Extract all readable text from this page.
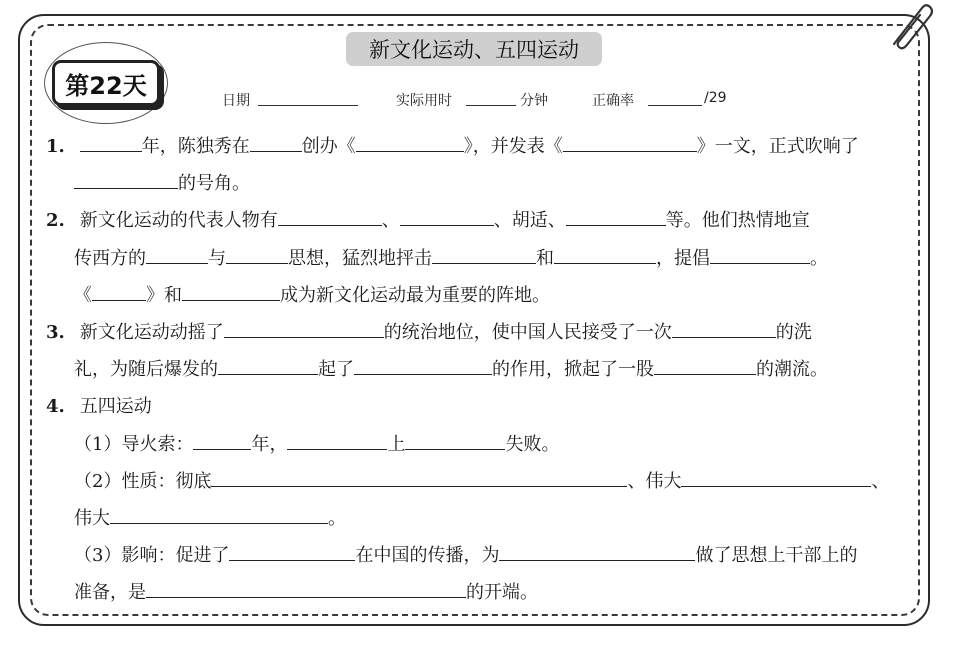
第22天
新文化运动、五四运动
日期	实际用时	分钟	正确率	/29
1.	年，陈独秀在	创办《	》，并发表《	》一文，正式吹响了
的号角。
2. 新文化运动的代表人物有	、	、胡适、	等。他们热情地宣
传西方的	与	思想，猛烈地抨击	和	，提倡	。
《	》和	成为新文化运动最为重要的阵地。
3. 新文化运动动摇了	的统治地位，使中国人民接受了一次	的洗
礼，为随后爆发的	起了	的作用，掀起了一股	的潮流。
4. 五四运动
（1）导火索：	年，	上	失败。
（2）性质：彻底	、伟大	、
伟大	。
（3）影响：促进了	在中国的传播，为	做了思想上干部上的
准备，是	的开端。
